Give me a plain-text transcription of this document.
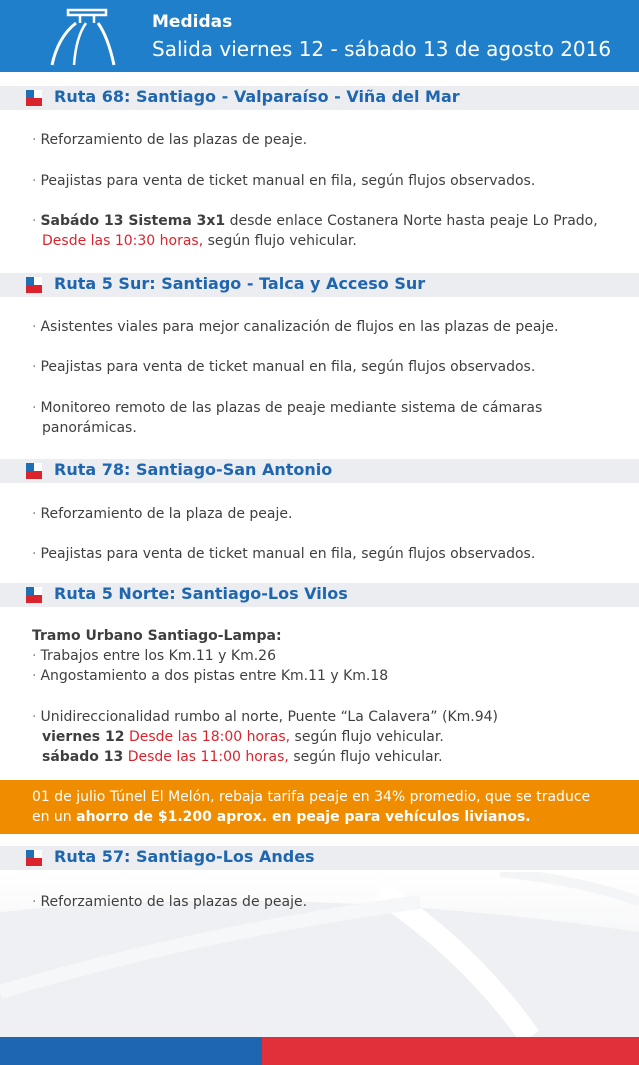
Medidas
Salida viernes 12 - sábado 13 de agosto 2016
Ruta 68: Santiago - Valparaíso - Viña del Mar
· Reforzamiento de las plazas de peaje.
· Peajistas para venta de ticket manual en fila, según flujos observados.
· Sabádo 13 Sistema 3x1 desde enlace Costanera Norte hasta peaje Lo Prado,
Desde las 10:30 horas, según flujo vehicular.
Ruta 5 Sur: Santiago - Talca y Acceso Sur
· Asistentes viales para mejor canalización de flujos en las plazas de peaje.
· Peajistas para venta de ticket manual en fila, según flujos observados.
· Monitoreo remoto de las plazas de peaje mediante sistema de cámaras
panorámicas.
Ruta 78: Santiago-San Antonio
· Reforzamiento de la plaza de peaje.
· Peajistas para venta de ticket manual en fila, según flujos observados.
Ruta 5 Norte: Santiago-Los Vilos
Tramo Urbano Santiago-Lampa:
· Trabajos entre los Km.11 y Km.26
· Angostamiento a dos pistas entre Km.11 y Km.18
· Unidireccionalidad rumbo al norte, Puente “La Calavera” (Km.94)
viernes 12 Desde las 18:00 horas, según flujo vehicular.
sábado 13 Desde las 11:00 horas, según flujo vehicular.
01 de julio Túnel El Melón, rebaja tarifa peaje en 34% promedio, que se traduce
en un ahorro de $1.200 aprox. en peaje para vehículos livianos.
Ruta 57: Santiago-Los Andes
· Reforzamiento de las plazas de peaje.
